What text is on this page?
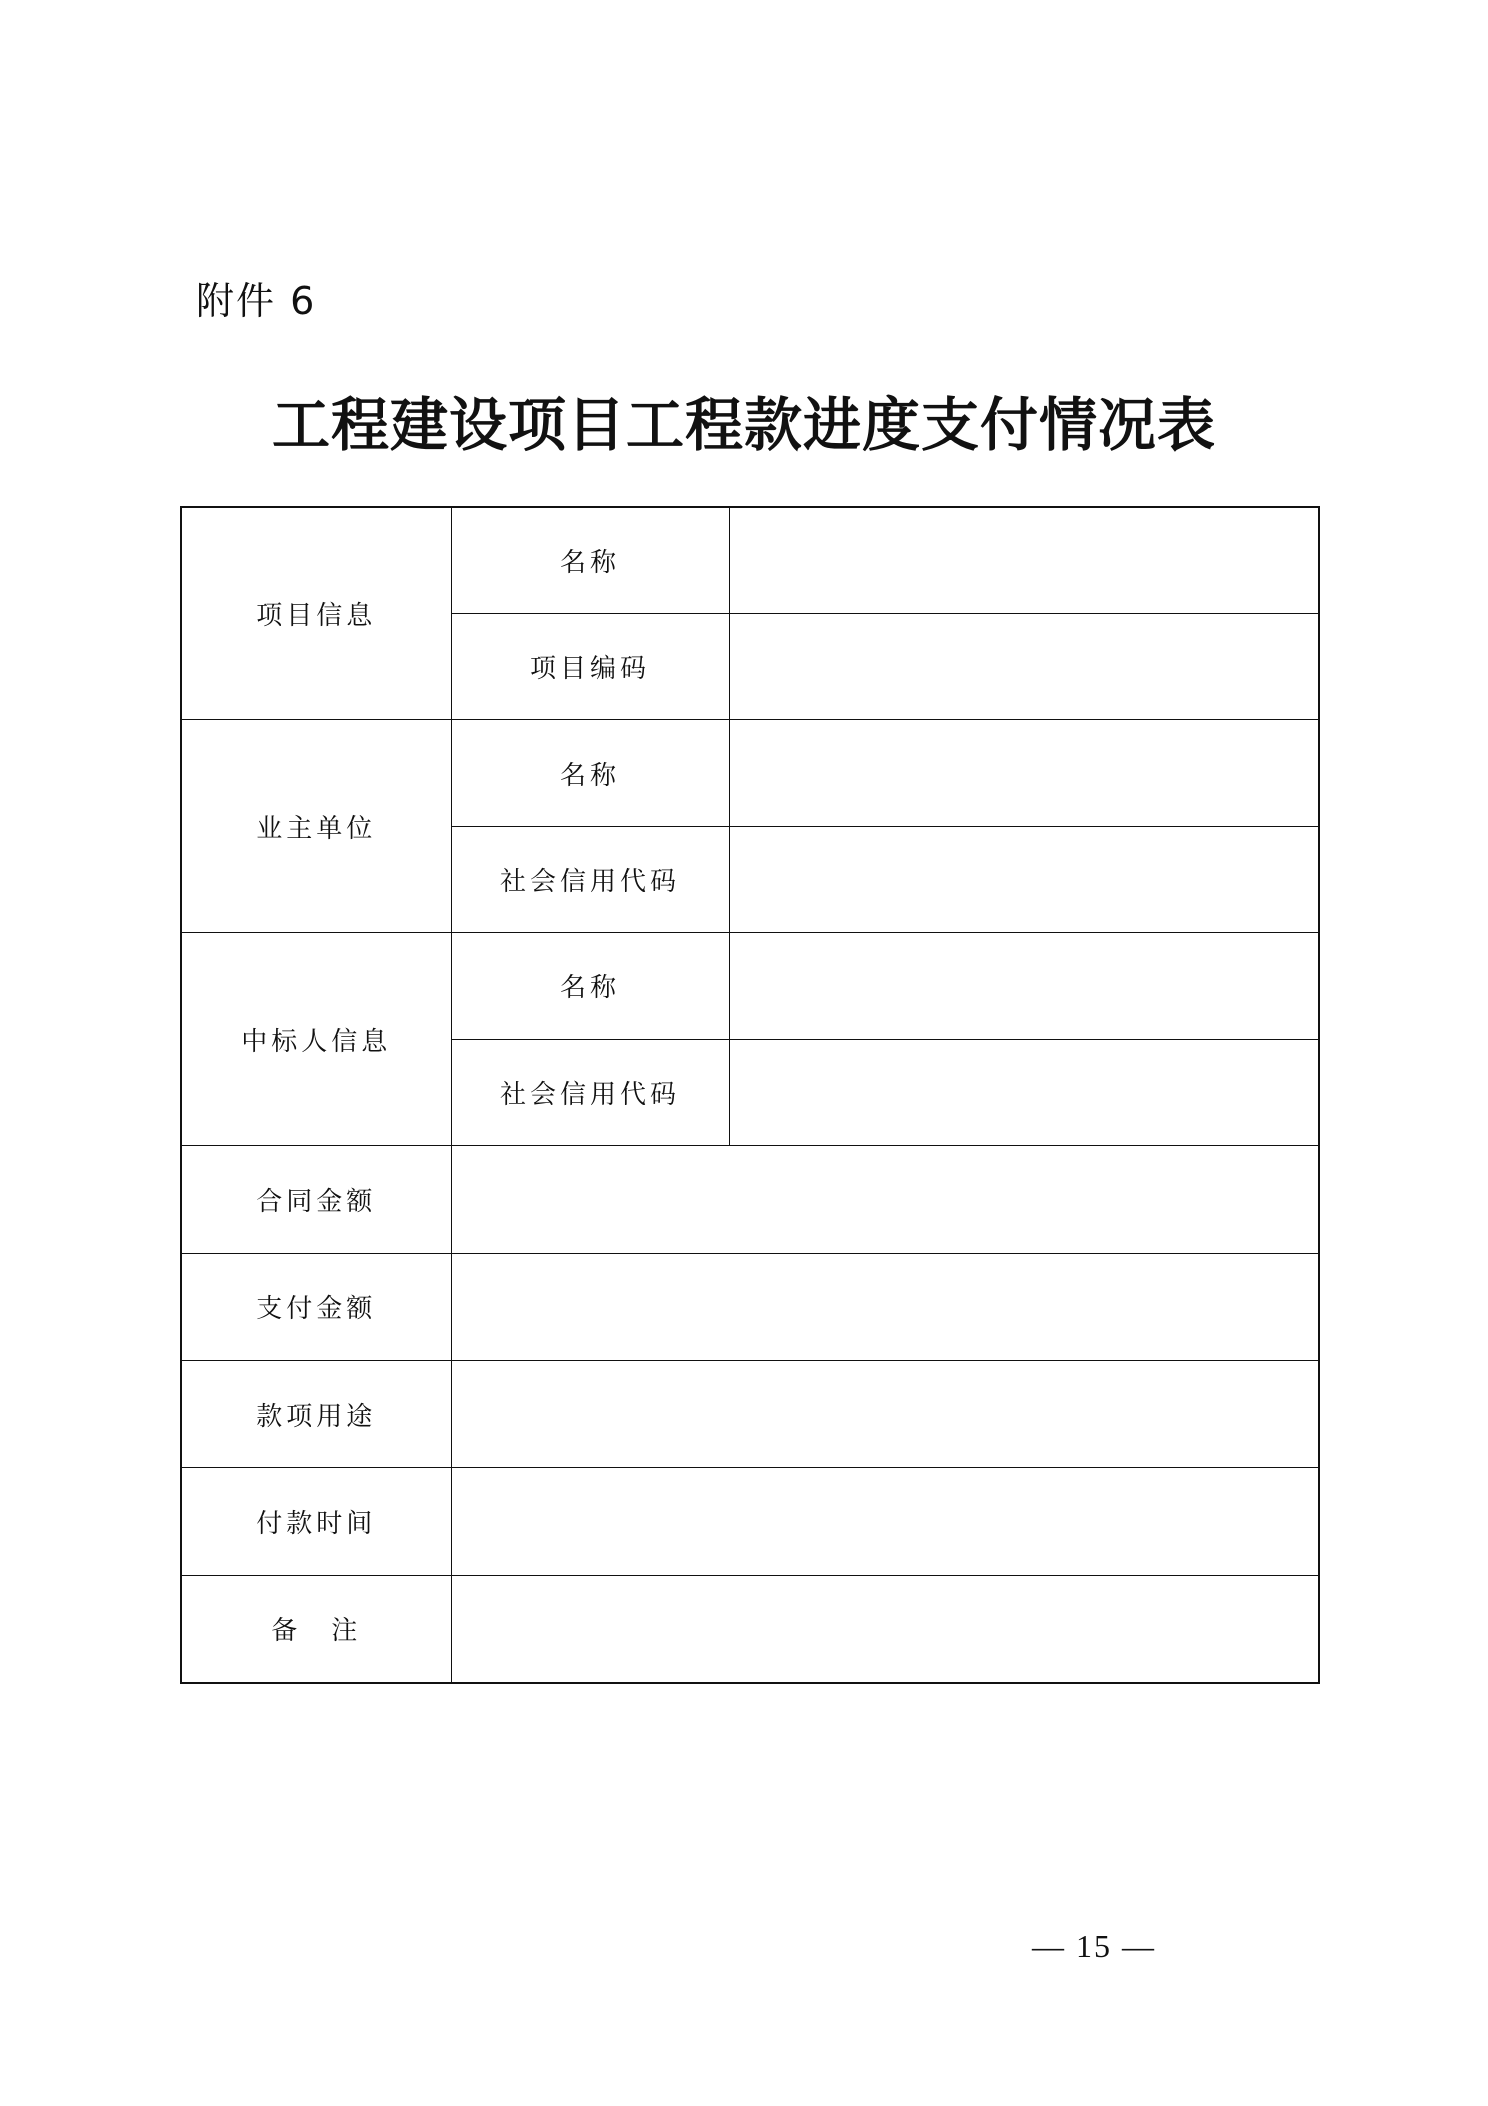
附件 6
工程建设项目工程款进度支付情况表
项目信息	名称	
	项目编码	
业主单位	名称	
	社会信用代码	
中标人信息	名称	
	社会信用代码	
合同金额		
支付金额		
款项用途		
付款时间		
备　注		
— 15 —
